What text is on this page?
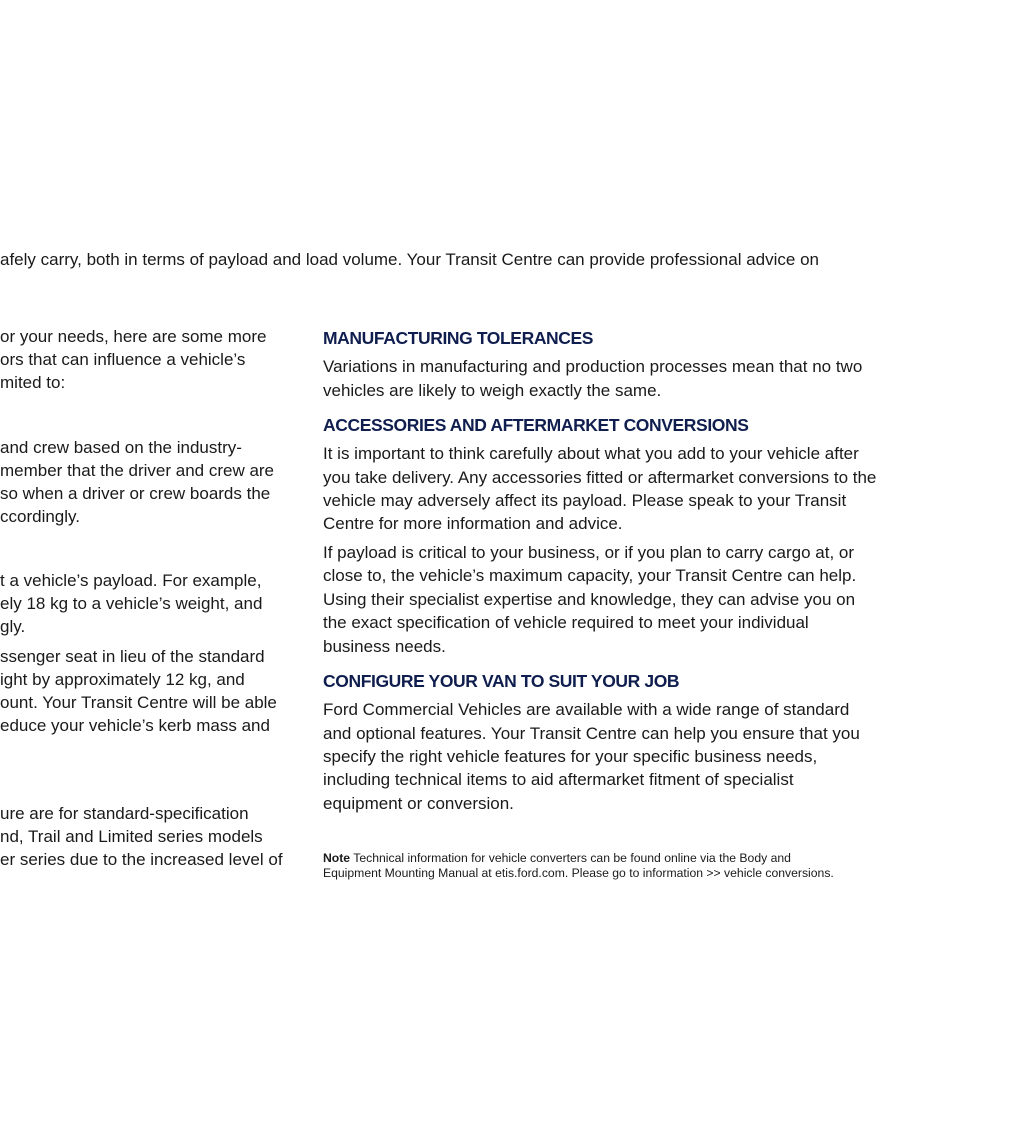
afely carry, both in terms of payload and load volume. Your Transit Centre can provide professional advice on
or your needs, here are some more
ors that can influence a vehicle’s
mited to:
and crew based on the industry-
member that the driver and crew are
so when a driver or crew boards the
ccordingly.
t a vehicle’s payload. For example,
ely 18 kg to a vehicle’s weight, and
gly.
ssenger seat in lieu of the standard
ight by approximately 12 kg, and
ount. Your Transit Centre will be able
educe your vehicle’s kerb mass and
ure are for standard-specification
nd, Trail and Limited series models
er series due to the increased level of
MANUFACTURING TOLERANCES
Variations in manufacturing and production processes mean that no two
vehicles are likely to weigh exactly the same.
ACCESSORIES AND AFTERMARKET CONVERSIONS
It is important to think carefully about what you add to your vehicle after
you take delivery. Any accessories fitted or aftermarket conversions to the
vehicle may adversely affect its payload. Please speak to your Transit
Centre for more information and advice.
If payload is critical to your business, or if you plan to carry cargo at, or
close to, the vehicle’s maximum capacity, your Transit Centre can help.
Using their specialist expertise and knowledge, they can advise you on
the exact specification of vehicle required to meet your individual
business needs.
CONFIGURE YOUR VAN TO SUIT YOUR JOB
Ford Commercial Vehicles are available with a wide range of standard
and optional features. Your Transit Centre can help you ensure that you
specify the right vehicle features for your specific business needs,
including technical items to aid aftermarket fitment of specialist
equipment or conversion.
Note Technical information for vehicle converters can be found online via the Body and
Equipment Mounting Manual at etis.ford.com. Please go to information >> vehicle conversions.
